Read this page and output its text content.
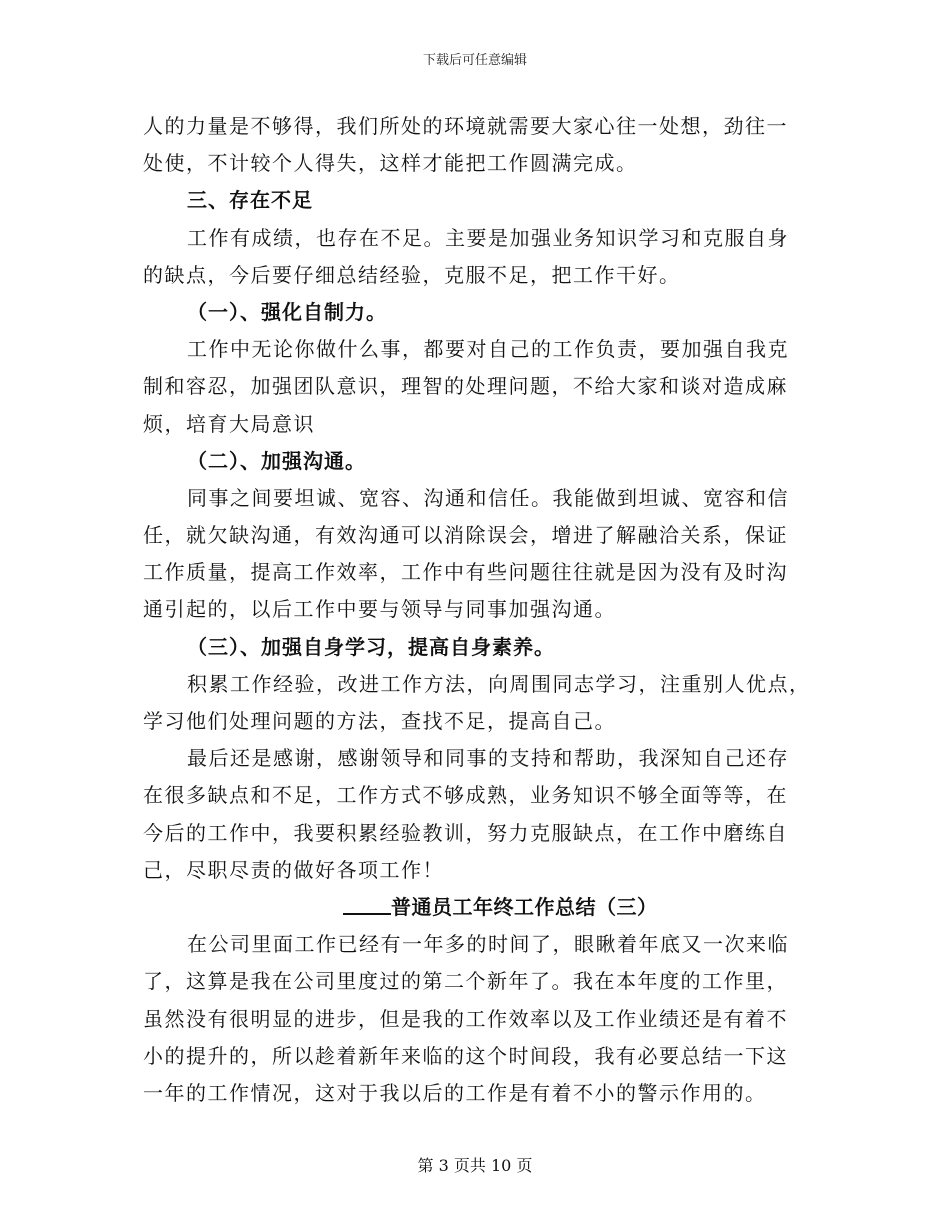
下载后可任意编辑
人的力量是不够得，我们所处的环境就需要大家心往一处想，劲往一
处使，不计较个人得失，这样才能把工作圆满完成。
三、存在不足
工作有成绩，也存在不足。主要是加强业务知识学习和克服自身
的缺点，今后要仔细总结经验，克服不足，把工作干好。
（一）、强化自制力。
工作中无论你做什么事，都要对自己的工作负责，要加强自我克
制和容忍，加强团队意识，理智的处理问题，不给大家和谈对造成麻
烦，培育大局意识
（二）、加强沟通。
同事之间要坦诚、宽容、沟通和信任。我能做到坦诚、宽容和信
任，就欠缺沟通，有效沟通可以消除误会，增进了解融洽关系，保证
工作质量，提高工作效率，工作中有些问题往往就是因为没有及时沟
通引起的，以后工作中要与领导与同事加强沟通。
（三）、加强自身学习，提高自身素养。
积累工作经验，改进工作方法，向周围同志学习，注重别人优点，
学习他们处理问题的方法，查找不足，提高自己。
最后还是感谢，感谢领导和同事的支持和帮助，我深知自己还存
在很多缺点和不足，工作方式不够成熟，业务知识不够全面等等，在
今后的工作中，我要积累经验教训，努力克服缺点，在工作中磨练自
己，尽职尽责的做好各项工作！
普通员工年终工作总结（三）
在公司里面工作已经有一年多的时间了，眼瞅着年底又一次来临
了，这算是我在公司里度过的第二个新年了。我在本年度的工作里，
虽然没有很明显的进步，但是我的工作效率以及工作业绩还是有着不
小的提升的，所以趁着新年来临的这个时间段，我有必要总结一下这
一年的工作情况，这对于我以后的工作是有着不小的警示作用的。
第 3 页共 10 页
